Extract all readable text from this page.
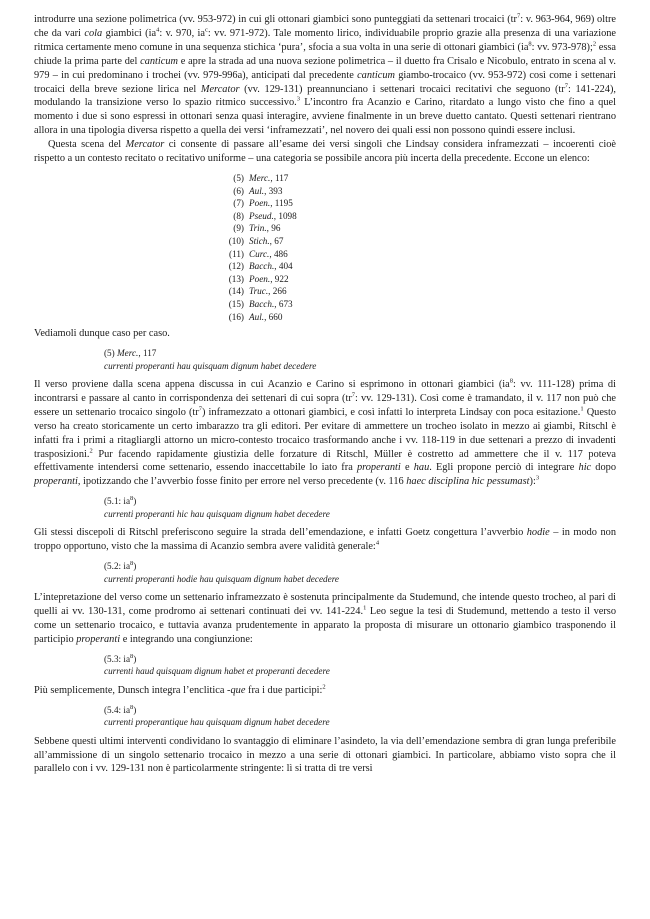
introdurre una sezione polimetrica (vv. 953-972) in cui gli ottonari giambici sono punteggiati da settenari trocaici ($tr^7$: v. 963-964, 969) oltre che da vari cola giambici ($ia^4$: v. 970, $ia^c$: vv. 971-972). Tale momento lirico, individuabile proprio grazie alla presenza di una variazione ritmica certamente meno comune in una sequenza stichica ‘pura’, sfocia a sua volta in una serie di ottonari giambici ($ia^8$: vv. 973-978);$^2$ essa chiude la prima parte del canticum e apre la strada ad una nuova sezione polimetrica – il duetto fra Crisalo e Nicobulo, entrato in scena al v. 979 – in cui predominano i trochei (vv. 979-996a), anticipati dal precedente canticum giambo-trocaico (vv. 953-972) così come i settenari trocaici della breve sezione lirica nel Mercator (vv. 129-131) preannunciano i settenari trocaici recitativi che seguono ($tr^7$: 141-224), modulando la transizione verso lo spazio ritmico successivo.$^3$ L’incontro fra Acanzio e Carino, ritardato a lungo visto che fino a quel momento i due si sono espressi in ottonari senza quasi interagire, avviene finalmente in un breve duetto cantato. Questi settenari rientrano allora in una tipologia diversa rispetto a quella dei versi ‘inframezzati’, nel novero dei quali essi non possono quindi essere inclusi.

Questa scena del Mercator ci consente di passare all’esame dei versi singoli che Lindsay considera inframezzati – incoerenti cioè rispetto a un contesto recitato o recitativo uniforme – una categoria se possibile ancora più incerta della precedente. Eccone un elenco:

(5) Merc., 117
(6) Aul., 393
(7) Poen., 1195
(8) Pseud., 1098
(9) Trin., 96
(10) Stich., 67
(11) Curc., 486
(12) Bacch., 404
(13) Poen., 922
(14) Truc., 266
(15) Bacch., 673
(16) Aul., 660

Vediamoli dunque caso per caso.

(5) Merc., 117
currenti properanti hau quisquam dignum habet decedere

Il verso proviene dalla scena appena discussa in cui Acanzio e Carino si esprimono in ottonari giambici ($ia^8$: vv. 111-128) prima di incontrarsi e passare al canto in corrispondenza dei settenari di cui sopra ($tr^7$: vv. 129-131). Così come è tramandato, il v. 117 non può che essere un settenario trocaico singolo $(tr^7)$ inframezzato a ottonari giambici, e così infatti lo interpreta Lindsay con poca esitazione.$^1$ Questo verso ha creato storicamente un certo imbarazzo tra gli editori. Per evitare di ammettere un trocheo isolato in mezzo ai giambi, Ritschl è infatti fra i primi a ritagliargli attorno un micro-contesto trocaico trasformando anche i vv. 118-119 in due settenari a prezzo di invadenti trasposizioni.$^2$ Pur facendo rapidamente giustizia delle forzature di Ritschl, Müller è costretto ad ammettere che il v. 117 poteva effettivamente intendersi come settenario, essendo inaccettabile lo iato fra properanti e hau. Egli propone perciò di integrare hic dopo properanti, ipotizzando che l’avverbio fosse finito per errore nel verso precedente (v. 116 haec disciplina hic pessumast):$^3$

(5.1: $ia^8$)
currenti properanti hic hau quisquam dignum habet decedere

Gli stessi discepoli di Ritschl preferiscono seguire la strada dell’emendazione, e infatti Goetz congettura l’avverbio hodie – in modo non troppo opportuno, visto che la massima di Acanzio sembra avere validità generale:$^4$

(5.2: $ia^8$)
currenti properanti hodie hau quisquam dignum habet decedere

L’intepretazione del verso come un settenario inframezzato è sostenuta principalmente da Studemund, che intende questo trocheo, al pari di quelli ai vv. 130-131, come prodromo ai settenari continuati dei vv. 141-224.$^1$ Leo segue la tesi di Studemund, mettendo a testo il verso come un settenario trocaico, e tuttavia avanza prudentemente in apparato la proposta di misurare un ottonario giambico trasponendo il participio properanti e integrando una congiunzione:

(5.3: $ia^8$)
currenti haud quisquam dignum habet et properanti decedere

Più semplicemente, Dunsch integra l’enclitica -que fra i due participi:$^2$

(5.4: $ia^8$)
currenti properantique hau quisquam dignum habet decedere

Sebbene questi ultimi interventi condividano lo svantaggio di eliminare l’asindeto, la via dell’emendazione sembra di gran lunga preferibile all’ammissione di un singolo settenario trocaico in mezzo a una serie di ottonari giambici. In particolare, abbiamo visto sopra che il parallelo con i vv. 129-131 non è particolarmente stringente: lì si tratta di tre versi
